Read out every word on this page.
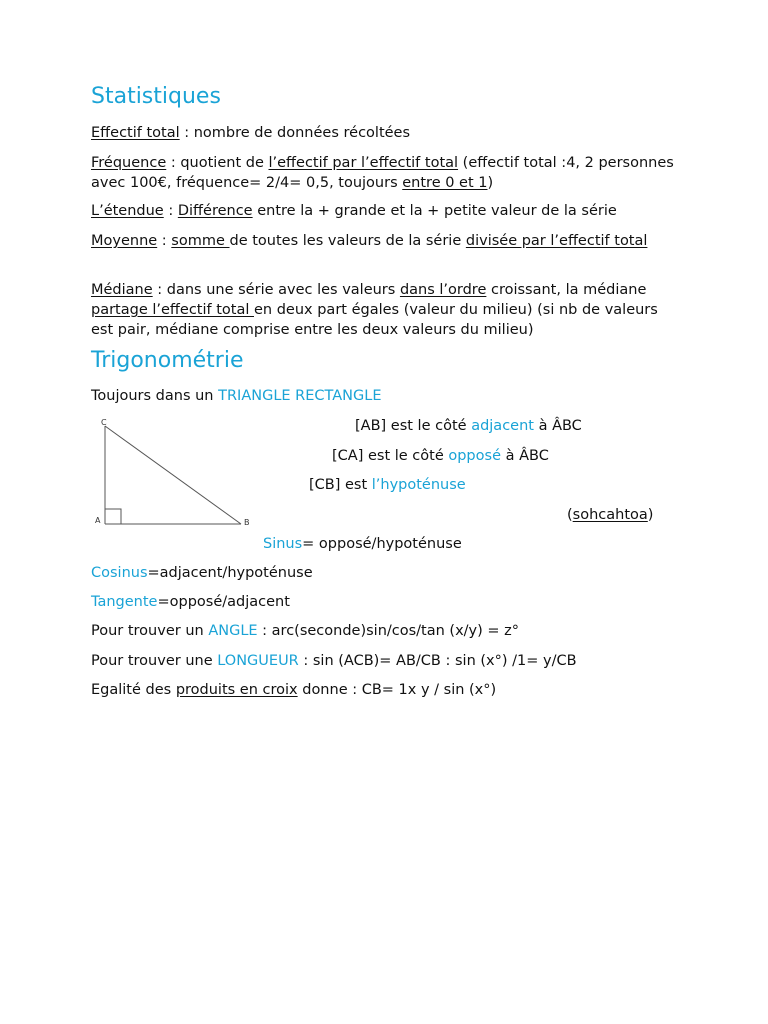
Statistiques

Effectif total : nombre de données récoltées

Fréquence : quotient de l’effectif par l’effectif total (effectif total :4, 2 personnes avec 100€, fréquence= 2/4= 0,5, toujours entre 0 et 1)

L’étendue : Différence entre la + grande et la + petite valeur de la série

Moyenne : somme de toutes les valeurs de la série divisée par l’effectif total

Médiane : dans une série avec les valeurs dans l’ordre croissant, la médiane partage l’effectif total en deux part égales (valeur du milieu) (si nb de valeurs est pair, médiane comprise entre les deux valeurs du milieu)

Trigonométrie
Toujours dans un TRIANGLE RECTANGLE
C
A	B
[AB] est le côté adjacent à ÂBC
[CA] est le côté opposé à ÂBC
[CB] est l’hypoténuse
(sohcahtoa)
Sinus= opposé/hypoténuse
Cosinus=adjacent/hypoténuse
Tangente=opposé/adjacent
Pour trouver un ANGLE : arc(seconde)sin/cos/tan (x/y) = z°
Pour trouver une LONGUEUR : sin (ACB)= AB/CB : sin (x°) /1= y/CB
Egalité des produits en croix donne : CB= 1x y / sin (x°)
